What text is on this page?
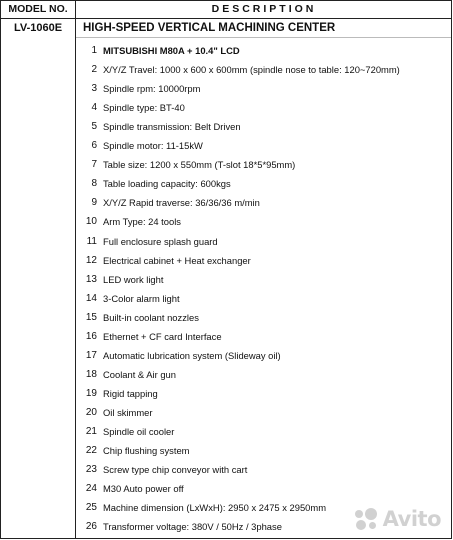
MODEL NO.	DESCRIPTION
LV-1060E	HIGH-SPEED VERTICAL MACHINING CENTER
1 MITSUBISHI M80A + 10.4" LCD
2 X/Y/Z Travel: 1000 x 600 x 600mm (spindle nose to table: 120~720mm)
3 Spindle rpm: 10000rpm
4 Spindle type: BT-40
5 Spindle transmission: Belt Driven
6 Spindle motor: 11-15kW
7 Table size: 1200 x 550mm (T-slot 18*5*95mm)
8 Table loading capacity: 600kgs
9 X/Y/Z Rapid traverse: 36/36/36 m/min
10 Arm Type: 24 tools
11 Full enclosure splash guard
12 Electrical cabinet + Heat exchanger
13 LED work light
14 3-Color alarm light
15 Built-in coolant nozzles
16 Ethernet + CF card Interface
17 Automatic lubrication system (Slideway oil)
18 Coolant & Air gun
19 Rigid tapping
20 Oil skimmer
21 Spindle oil cooler
22 Chip flushing system
23 Screw type chip conveyor with cart
24 M30 Auto power off
25 Machine dimension (LxWxH): 2950 x 2475 x 2950mm
26 Transformer voltage: 380V / 50Hz / 3phase	Avito
